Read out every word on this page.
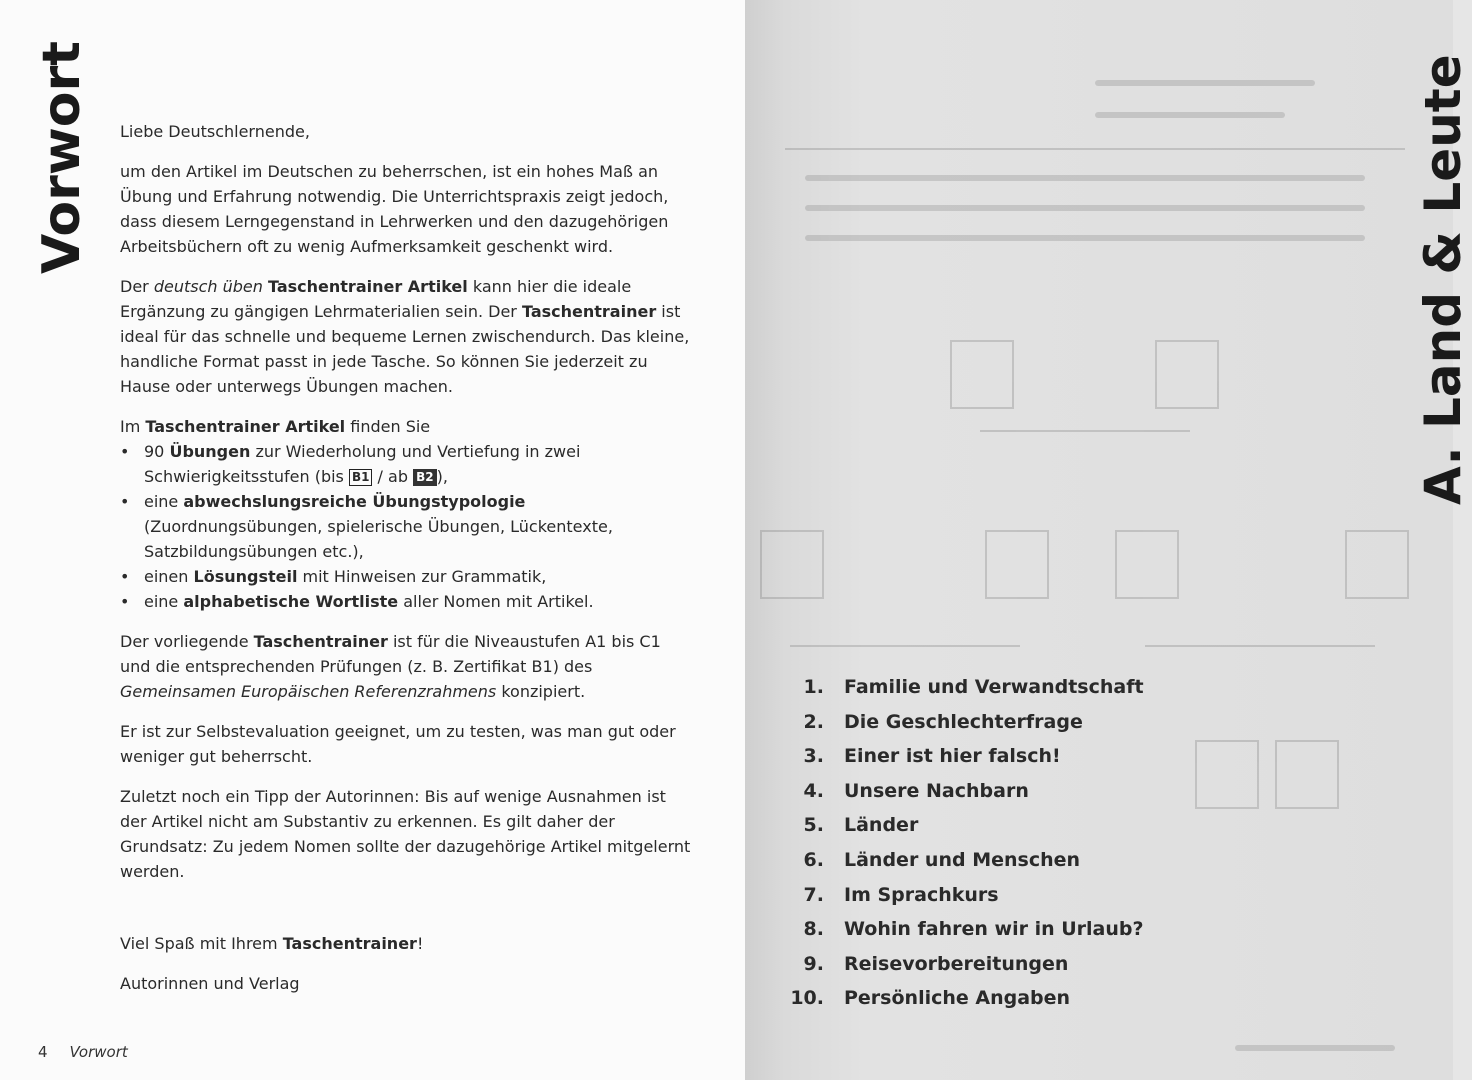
Vorwort Liebe Deutschlernende,

um den Artikel im Deutschen zu beherrschen, ist ein hohes Maß an Übung und Erfahrung notwendig. Die Unterrichtspraxis zeigt jedoch, dass diesem Lerngegenstand in Lehrwerken und den dazugehörigen Arbeitsbüchern oft zu wenig Aufmerksamkeit geschenkt wird.

Der deutsch üben Taschentrainer Artikel kann hier die ideale Ergänzung zu gängigen Lehrmaterialien sein. Der Taschentrainer ist ideal für das schnelle und bequeme Lernen zwischendurch. Das kleine, handliche Format passt in jede Tasche. So können Sie jederzeit zu Hause oder unterwegs Übungen machen.

Im Taschentrainer Artikel finden Sie
• 90 Übungen zur Wiederholung und Vertiefung in zwei Schwierigkeitsstufen (bis B1 / ab B2 ),
• eine abwechslungsreiche Übungstypologie (Zuordnungsübungen, spielerische Übungen, Lückentexte, Satzbildungsübungen etc.),
• einen Lösungsteil mit Hinweisen zur Grammatik,
• eine alphabetische Wortliste aller Nomen mit Artikel.

Der vorliegende Taschentrainer ist für die Niveaustufen A1 bis C1 und die entsprechenden Prüfungen (z. B. Zertifikat B1) des Gemeinsamen Europäischen Referenzrahmens konzipiert.

Er ist zur Selbstevaluation geeignet, um zu testen, was man gut oder weniger gut beherrscht.

Zuletzt noch ein Tipp der Autorinnen: Bis auf wenige Ausnahmen ist der Artikel nicht am Substantiv zu erkennen. Es gilt daher der Grundsatz: Zu jedem Nomen sollte der dazugehörige Artikel mitgelernt werden.

Viel Spaß mit Ihrem Taschentrainer!

Autorinnen und Verlag

4 Vorwort
A. Land & Leute
1. Familie und Verwandtschaft
2. Die Geschlechterfrage
3. Einer ist hier falsch!
4. Unsere Nachbarn
5. Länder
6. Länder und Menschen
7. Im Sprachkurs
8. Wohin fahren wir in Urlaub?
9. Reisevorbereitungen
10. Persönliche Angaben
